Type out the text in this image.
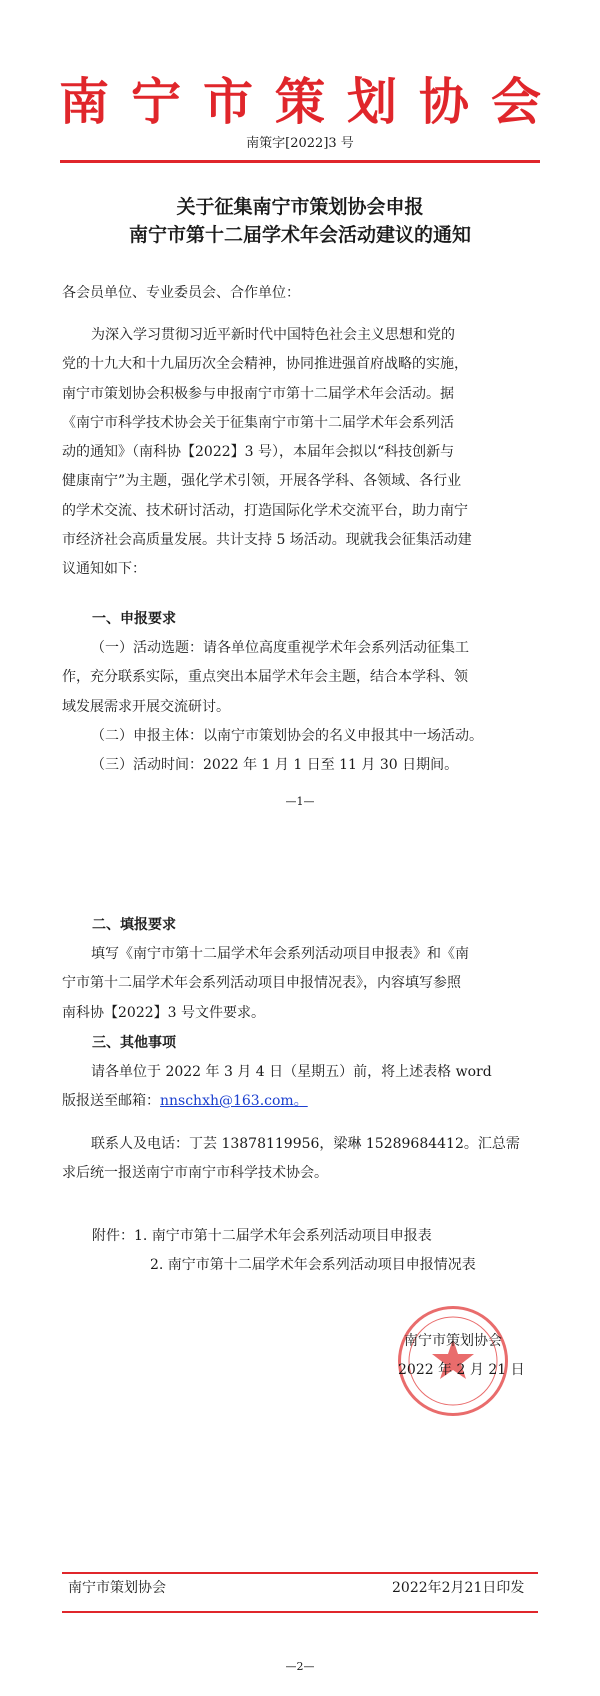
南宁市策划协会
南策字[2022]3 号
关于征集南宁市策划协会申报
南宁市第十二届学术年会活动建议的通知
各会员单位、专业委员会、合作单位：
为深入学习贯彻习近平新时代中国特色社会主义思想和党的
党的十九大和十九届历次全会精神，协同推进强首府战略的实施，
南宁市策划协会积极参与申报南宁市第十二届学术年会活动。据
《南宁市科学技术协会关于征集南宁市第十二届学术年会系列活
动的通知》（南科协【2022】3 号），本届年会拟以“科技创新与
健康南宁”为主题，强化学术引领，开展各学科、各领域、各行业
的学术交流、技术研讨活动，打造国际化学术交流平台，助力南宁
市经济社会高质量发展。共计支持 5 场活动。现就我会征集活动建
议通知如下：
一、申报要求
（一）活动选题：请各单位高度重视学术年会系列活动征集工
作，充分联系实际，重点突出本届学术年会主题，结合本学科、领
域发展需求开展交流研讨。
（二）申报主体：以南宁市策划协会的名义申报其中一场活动。
（三）活动时间：2022 年 1 月 1 日至 11 月 30 日期间。
—1—
二、填报要求
填写《南宁市第十二届学术年会系列活动项目申报表》和《南
宁市第十二届学术年会系列活动项目申报情况表》，内容填写参照
南科协【2022】3 号文件要求。
三、其他事项
请各单位于 2022 年 3 月 4 日（星期五）前，将上述表格 word
版报送至邮箱：nnschxh@163.com。
联系人及电话：丁芸 13878119956，梁琳 15289684412。汇总需
求后统一报送南宁市南宁市科学技术协会。
附件：1. 南宁市第十二届学术年会系列活动项目申报表
2. 南宁市第十二届学术年会系列活动项目申报情况表
南宁市策划协会
2022 年 2 月 21 日
南宁市策划协会	2022年2月21日印发
—2—
